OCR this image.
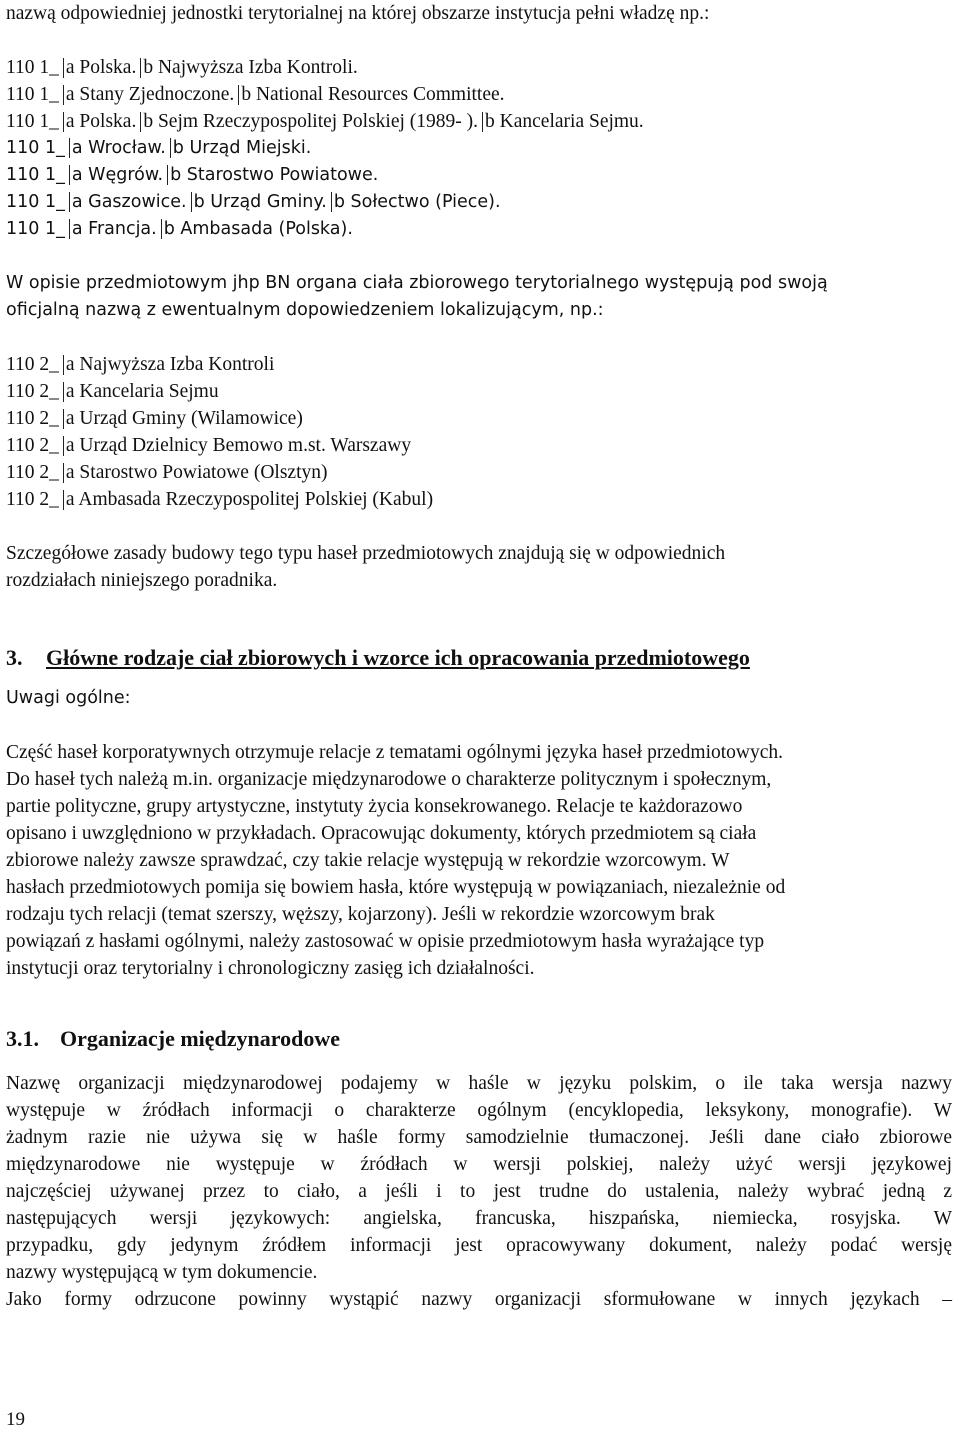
nazwą odpowiedniej jednostki terytorialnej na której obszarze instytucja pełni władzę np.:
110 1_ a Polska. b Najwyższa Izba Kontroli.
110 1_ a Stany Zjednoczone. b National Resources Committee.
110 1_ a Polska. b Sejm Rzeczypospolitej Polskiej (1989- ). b Kancelaria Sejmu.
110 1_ a Wrocław. b Urząd Miejski.
110 1_ a Węgrów. b Starostwo Powiatowe.
110 1_ a Gaszowice. b Urząd Gminy. b Sołectwo (Piece).
110 1_ a Francja. b Ambasada (Polska).
W opisie przedmiotowym jhp BN organa ciała zbiorowego terytorialnego występują pod swoją
oficjalną nazwą z ewentualnym dopowiedzeniem lokalizującym, np.:
110 2_ a Najwyższa Izba Kontroli
110 2_ a Kancelaria Sejmu
110 2_ a Urząd Gminy (Wilamowice)
110 2_ a Urząd Dzielnicy Bemowo m.st. Warszawy
110 2_ a Starostwo Powiatowe (Olsztyn)
110 2_ a Ambasada Rzeczypospolitej Polskiej (Kabul)
Szczegółowe zasady budowy tego typu haseł przedmiotowych znajdują się w odpowiednich
rozdziałach niniejszego poradnika.
3. Główne rodzaje ciał zbiorowych i wzorce ich opracowania przedmiotowego
Uwagi ogólne:
Część haseł korporatywnych otrzymuje relacje z tematami ogólnymi języka haseł przedmiotowych.
Do haseł tych należą m.in. organizacje międzynarodowe o charakterze politycznym i społecznym,
partie polityczne, grupy artystyczne, instytuty życia konsekrowanego. Relacje te każdorazowo
opisano i uwzględniono w przykładach. Opracowując dokumenty, których przedmiotem są ciała
zbiorowe należy zawsze sprawdzać, czy takie relacje występują w rekordzie wzorcowym. W
hasłach przedmiotowych pomija się bowiem hasła, które występują w powiązaniach, niezależnie od
rodzaju tych relacji (temat szerszy, węższy, kojarzony). Jeśli w rekordzie wzorcowym brak
powiązań z hasłami ogólnymi, należy zastosować w opisie przedmiotowym hasła wyrażające typ
instytucji oraz terytorialny i chronologiczny zasięg ich działalności.
3.1. Organizacje międzynarodowe
Nazwę organizacji międzynarodowej podajemy w haśle w języku polskim, o ile taka wersja nazwy
występuje w źródłach informacji o charakterze ogólnym (encyklopedia, leksykony, monografie). W
żadnym razie nie używa się w haśle formy samodzielnie tłumaczonej. Jeśli dane ciało zbiorowe
międzynarodowe nie występuje w źródłach w wersji polskiej, należy użyć wersji językowej
najczęściej używanej przez to ciało, a jeśli i to jest trudne do ustalenia, należy wybrać jedną z
następujących wersji językowych: angielska, francuska, hiszpańska, niemiecka, rosyjska. W
przypadku, gdy jedynym źródłem informacji jest opracowywany dokument, należy podać wersję
nazwy występującą w tym dokumencie.
Jako formy odrzucone powinny wystąpić nazwy organizacji sformułowane w innych językach –
19
